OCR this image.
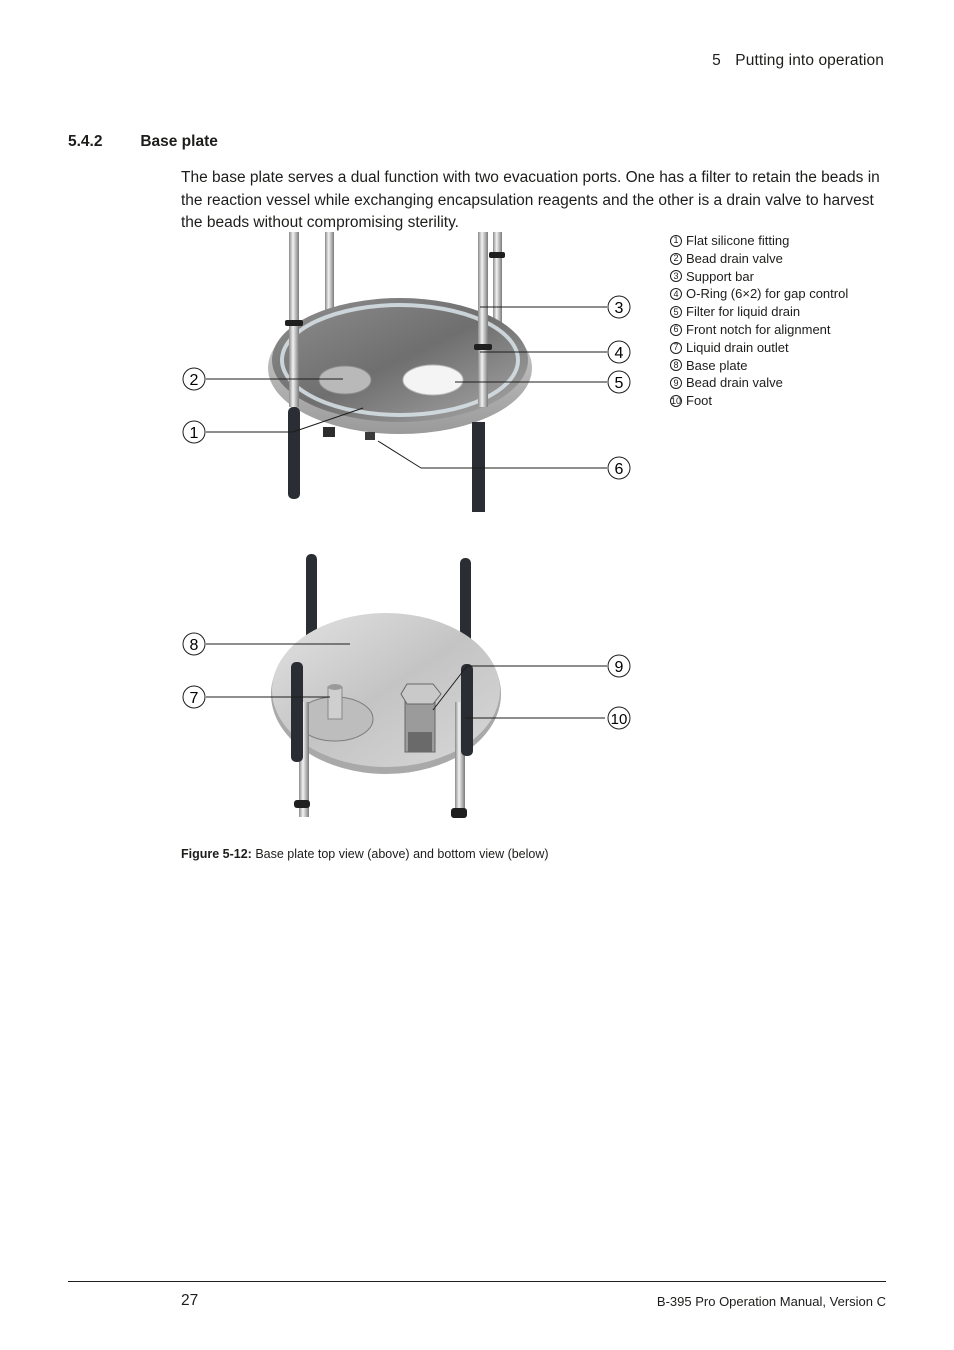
5 Putting into operation
5.4.2 Base plate
The base plate serves a dual function with two evacuation ports. One has a filter to retain the beads in the reaction vessel while exchanging encapsulation reagents and the other is a drain valve to harvest the beads without compromising sterility.
1
2
3
4
5
6
7
8
9
10
1 Flat silicone fitting
2 Bead drain valve
3 Support bar
4 O-Ring (6×2) for gap control
5 Filter for liquid drain
6 Front notch for alignment
7 Liquid drain outlet
8 Base plate
9 Bead drain valve
10 Foot
Figure 5-12: Base plate top view (above) and bottom view (below)
27	B-395 Pro Operation Manual, Version C
